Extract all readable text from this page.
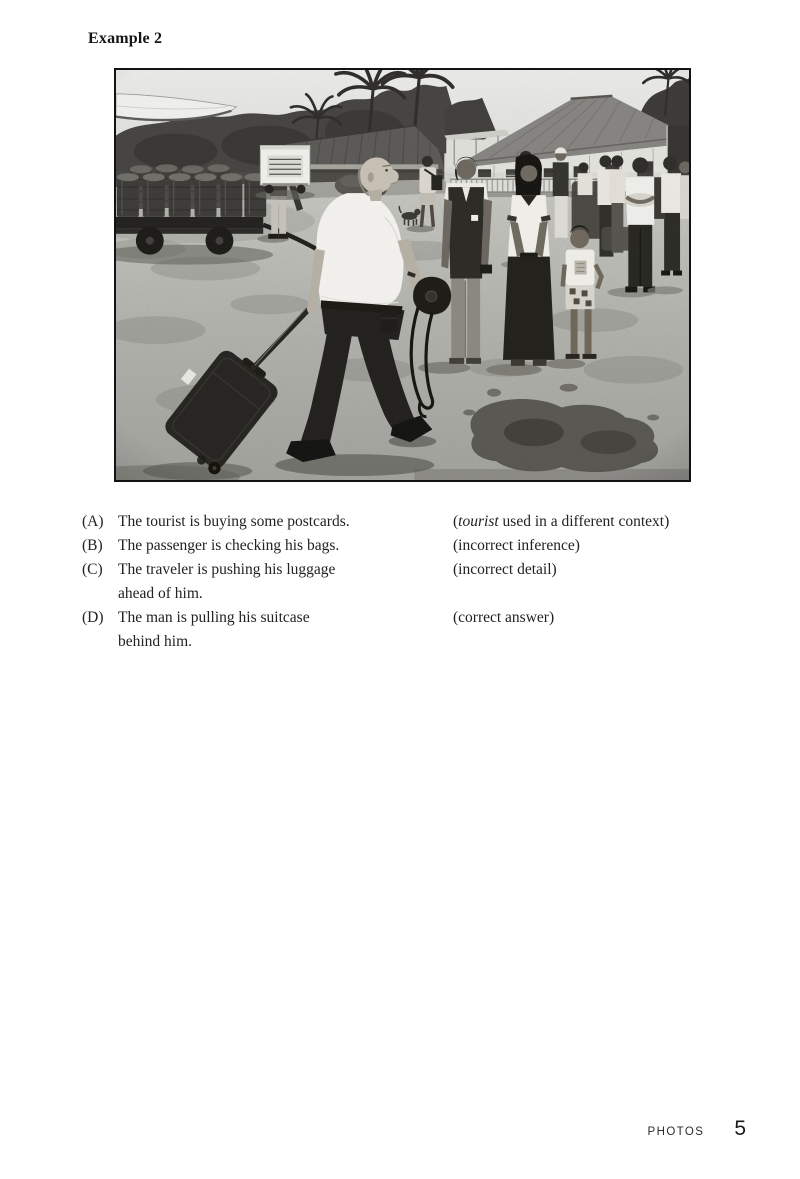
Example 2
(A) The tourist is buying some postcards.	(tourist used in a different context)
(B) The passenger is checking his bags.	(incorrect inference)
(C) The traveler is pushing his luggage
ahead of him.
(incorrect detail)
(D) The man is pulling his suitcase
behind him.
(correct answer)
PHOTOS 5
